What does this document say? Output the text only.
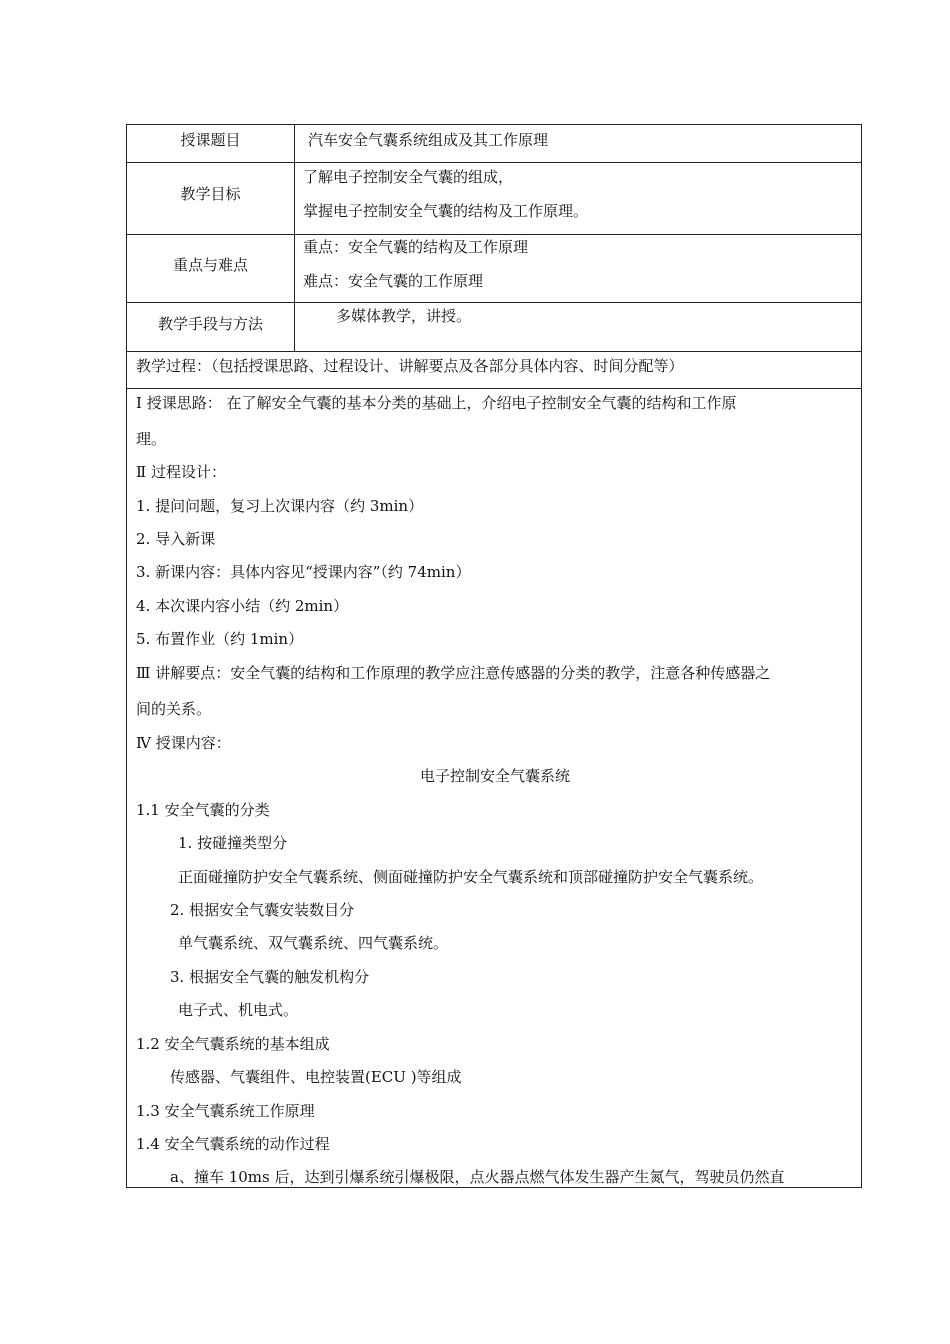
授课题目	汽车安全气囊系统组成及其工作原理
教学目标
了解电子控制安全气囊的组成，
掌握电子控制安全气囊的结构及工作原理。
重点与难点
重点：安全气囊的结构及工作原理
难点：安全气囊的工作原理
教学手段与方法	多媒体教学，讲授。
教学过程：（包括授课思路、过程设计、讲解要点及各部分具体内容、时间分配等）
Ⅰ 授课思路： 在了解安全气囊的基本分类的基础上，介绍电子控制安全气囊的结构和工作原
理。
Ⅱ 过程设计：
1. 提问问题，复习上次课内容（约 3min）
2. 导入新课
3. 新课内容：具体内容见“授课内容”（约 74min）
4. 本次课内容小结（约 2min）
5. 布置作业（约 1min）
Ⅲ 讲解要点：安全气囊的结构和工作原理的教学应注意传感器的分类的教学，注意各种传感器之
间的关系。
Ⅳ 授课内容：
电子控制安全气囊系统
1.1 安全气囊的分类
1. 按碰撞类型分
正面碰撞防护安全气囊系统、侧面碰撞防护安全气囊系统和顶部碰撞防护安全气囊系统。
2. 根据安全气囊安装数目分
单气囊系统、双气囊系统、四气囊系统。
3. 根据安全气囊的触发机构分
电子式、机电式。
1.2 安全气囊系统的基本组成
传感器、气囊组件、电控装置(ECU )等组成
1.3 安全气囊系统工作原理
1.4 安全气囊系统的动作过程
a、撞车 10ms 后，达到引爆系统引爆极限，点火器点燃气体发生器产生氮气，驾驶员仍然直
